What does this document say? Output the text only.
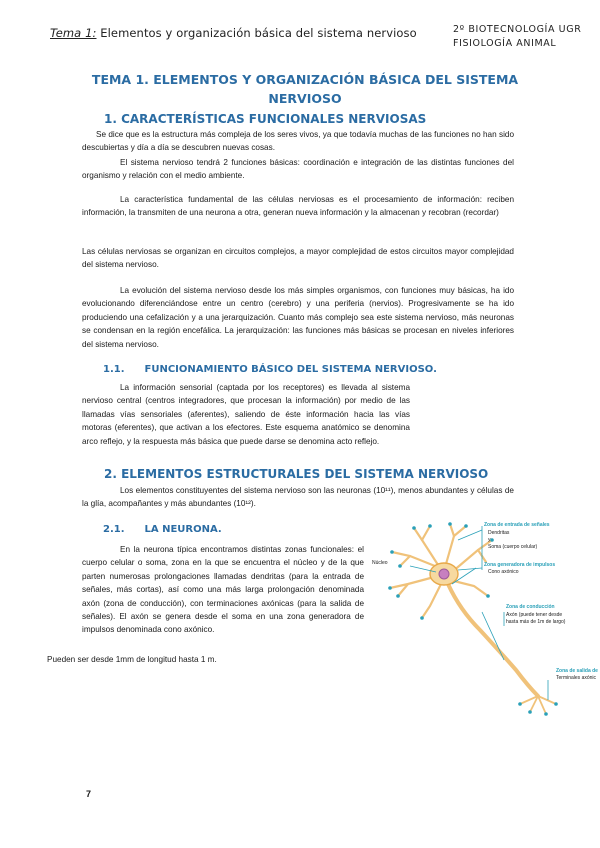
Tema 1: Elementos y organización básica del sistema nervioso	2º BIOTECNOLOGÍA UGR
FISIOLOGÍA ANIMAL
TEMA 1. ELEMENTOS Y ORGANIZACIÓN BÁSICA DEL SISTEMA
NERVIOSO
1. CARACTERÍSTICAS FUNCIONALES NERVIOSAS
Se dice que es la estructura más compleja de los seres vivos, ya que todavía muchas de las funciones no han sido descubiertas y día a día se descubren nuevas cosas.
El sistema nervioso tendrá 2 funciones básicas: coordinación e integración de las distintas funciones del organismo y relación con el medio ambiente.
La característica fundamental de las células nerviosas es el procesamiento de información: reciben información, la transmiten de una neurona a otra, generan nueva información y la almacenan y recobran (recordar)
Las células nerviosas se organizan en circuitos complejos, a mayor complejidad de estos circuitos mayor complejidad del sistema nervioso.
La evolución del sistema nervioso desde los más simples organismos, con funciones muy básicas, ha ido evolucionando diferenciándose entre un centro (cerebro) y una periferia (nervios). Progresivamente se ha ido produciendo una cefalización y a una jerarquización. Cuanto más complejo sea este sistema nervioso, más neuronas se condensan en la región encefálica. La jerarquización: las funciones más básicas se procesan en niveles inferiores del sistema nervioso.
1.1. FUNCIONAMIENTO BÁSICO DEL SISTEMA NERVIOSO.
La información sensorial (captada por los receptores) es llevada al sistema nervioso central (centros integradores, que procesan la información) por medio de las llamadas vías sensoriales (aferentes), saliendo de éste información hacia las vías motoras (eferentes), que activan a los efectores. Este esquema anatómico se denomina arco reflejo, y la respuesta más básica que puede darse se denomina acto reflejo.
2. ELEMENTOS ESTRUCTURALES DEL SISTEMA NERVIOSO
Los elementos constituyentes del sistema nervioso son las neuronas (10¹¹), menos abundantes y células de la glía, acompañantes y más abundantes (10¹²).
2.1. LA NEURONA.
En la neurona típica encontramos distintas zonas funcionales: el cuerpo celular o soma, zona en la que se encuentra el núcleo y de la que parten numerosas prolongaciones llamadas dendritas (para la entrada de señales, más cortas), así como una más larga prolongación denominada axón (zona de conducción), con terminaciones axónicas (para la salida de señales). El axón se genera desde el soma en una zona generadora de impulsos denominada cono axónico.
Pueden ser desde 1mm de longitud hasta 1 m.
Núcleo
Zona de entrada de señales
Dendritas
y
Soma (cuerpo celular)
Zona generadora de impulsos
Cono axónico
Zona de conducción
Axón (puede tener desde
hasta más de 1m de largo)
Zona de salida de
Terminales axónic
7
